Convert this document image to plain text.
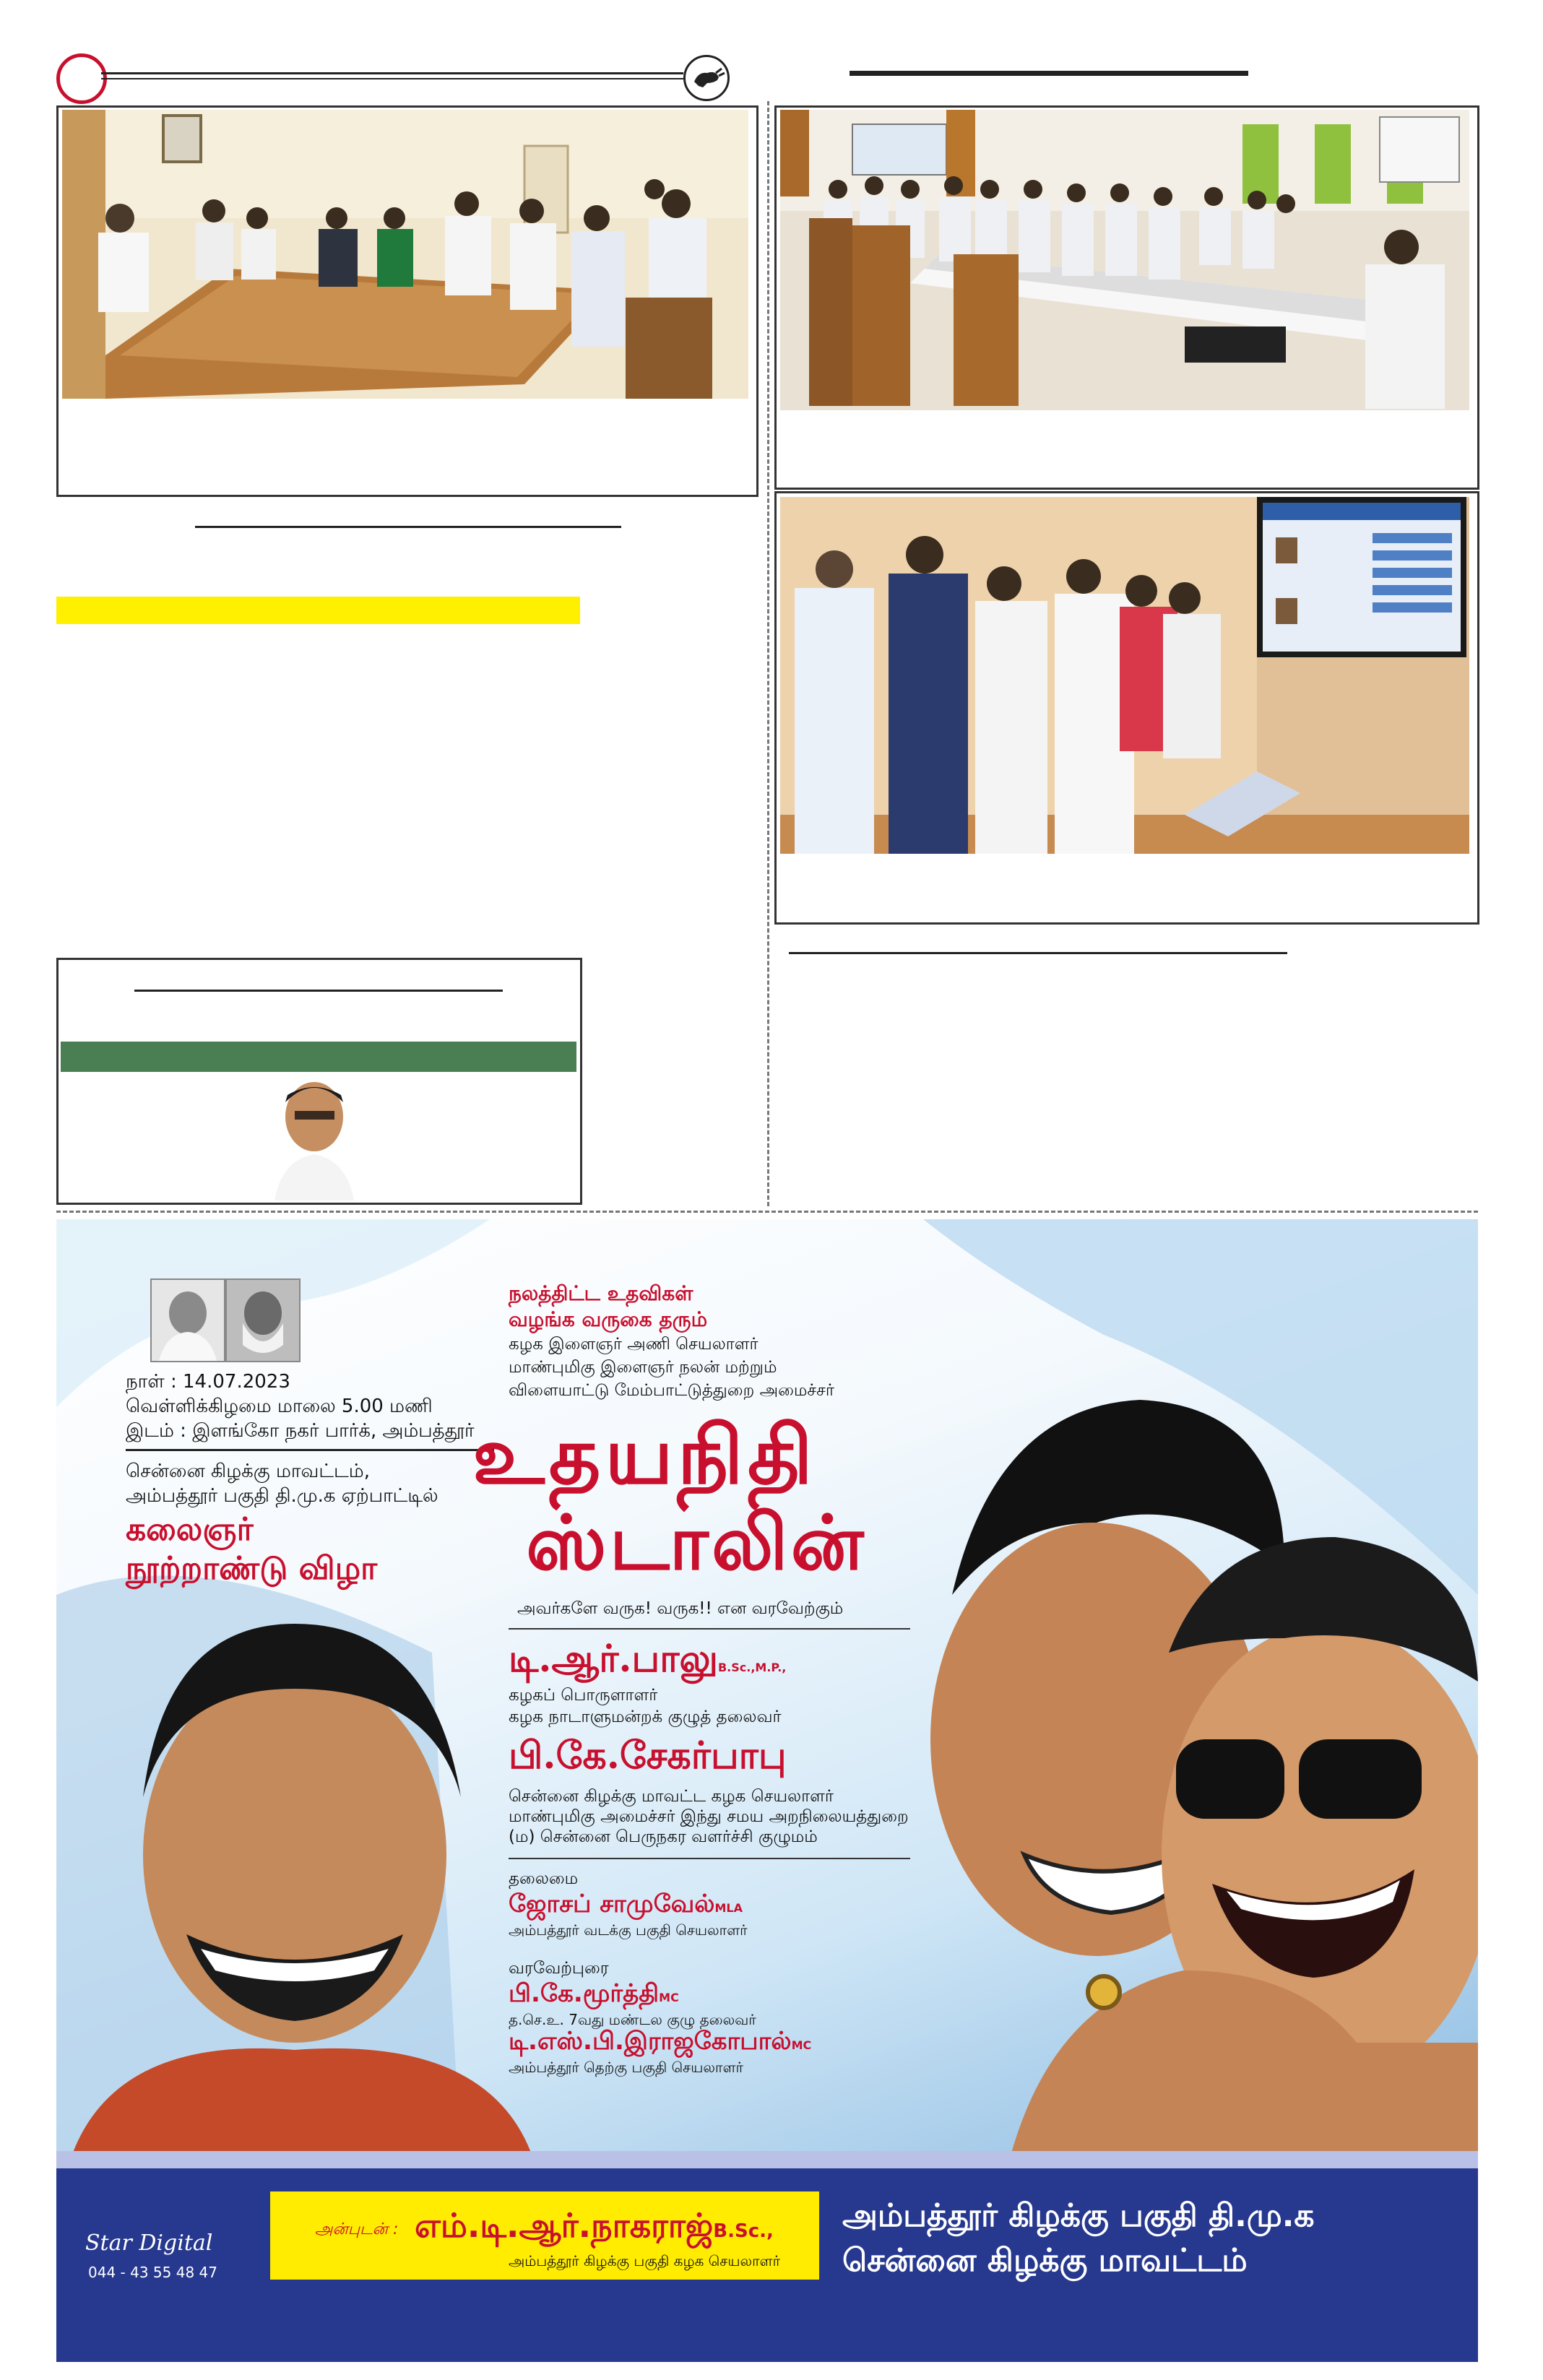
நாள் : 14.07.2023
வெள்ளிக்கிழமை மாலை 5.00 மணி
இடம் : இளங்கோ நகர் பார்க், அம்பத்தூர்
சென்னை கிழக்கு மாவட்டம்,
அம்பத்தூர் பகுதி தி.மு.க ஏற்பாட்டில்
கலைஞர்
நூற்றாண்டு விழா
நலத்திட்ட உதவிகள்
வழங்க வருகை தரும்
கழக இளைஞர் அணி செயலாளர்
மாண்புமிகு இளைஞர் நலன் மற்றும்
விளையாட்டு மேம்பாட்டுத்துறை அமைச்சர்
உதயநிதி
ஸ்டாலின்
அவர்களே வருக! வருக!! என வரவேற்கும்
டி.ஆர்.பாலுB.Sc.,M.P.,
கழகப் பொருளாளர்
கழக நாடாளுமன்றக் குழுத் தலைவர்
பி.கே.சேகர்பாபு
சென்னை கிழக்கு மாவட்ட கழக செயலாளர்
மாண்புமிகு அமைச்சர் இந்து சமய அறநிலையத்துறை
(ம) சென்னை பெருநகர வளர்ச்சி குழுமம்
தலைமை
ஜோசப் சாமுவேல்MLA
அம்பத்தூர் வடக்கு பகுதி செயலாளர்
வரவேற்புரை
பி.கே.மூர்த்திMC
த.செ.உ. 7வது மண்டல குழு தலைவர்
டி.எஸ்.பி.இராஜகோபால்MC
அம்பத்தூர் தெற்கு பகுதி செயலாளர்
Star Digital
044 - 43 55 48 47
அன்புடன் : எம்.டி.ஆர்.நாகராஜ்B.Sc.,
அம்பத்தூர் கிழக்கு பகுதி கழக செயலாளர்
அம்பத்தூர் கிழக்கு பகுதி தி.மு.க
சென்னை கிழக்கு மாவட்டம்
